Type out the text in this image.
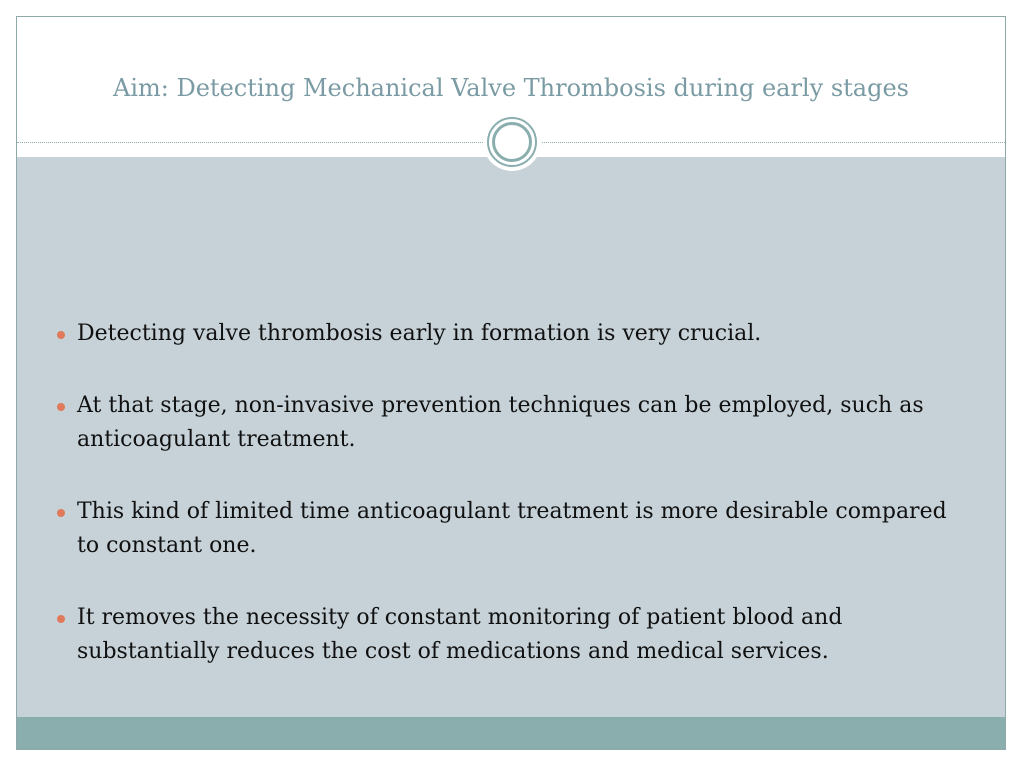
Aim: Detecting Mechanical Valve Thrombosis during early stages
Detecting valve thrombosis early in formation is very crucial.
At that stage, non-invasive prevention techniques can be employed, such as anticoagulant treatment.
This kind of limited time anticoagulant treatment is more desirable compared to constant one.
It removes the necessity of constant monitoring of patient blood and substantially reduces the cost of medications and medical services.
